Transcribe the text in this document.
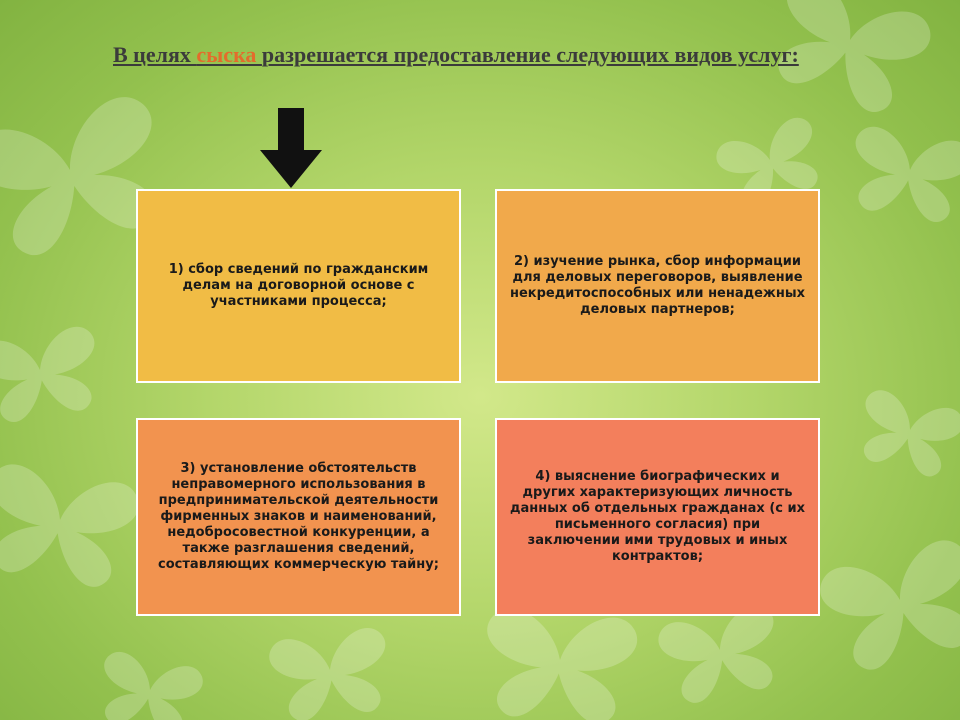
В целях сыска разрешается предоставление следующих видов услуг:
1) сбор сведений по гражданским делам на договорной основе с участниками процесса;
2) изучение рынка, сбор информации для деловых переговоров, выявление некредитоспособных или ненадежных деловых партнеров;
3) установление обстоятельств неправомерного использования в предпринимательской деятельности фирменных знаков и наименований, недобросовестной конкуренции, а также разглашения сведений, составляющих коммерческую тайну;
4) выяснение биографических и других характеризующих личность данных об отдельных гражданах (с их письменного согласия) при заключении ими трудовых и иных контрактов;
